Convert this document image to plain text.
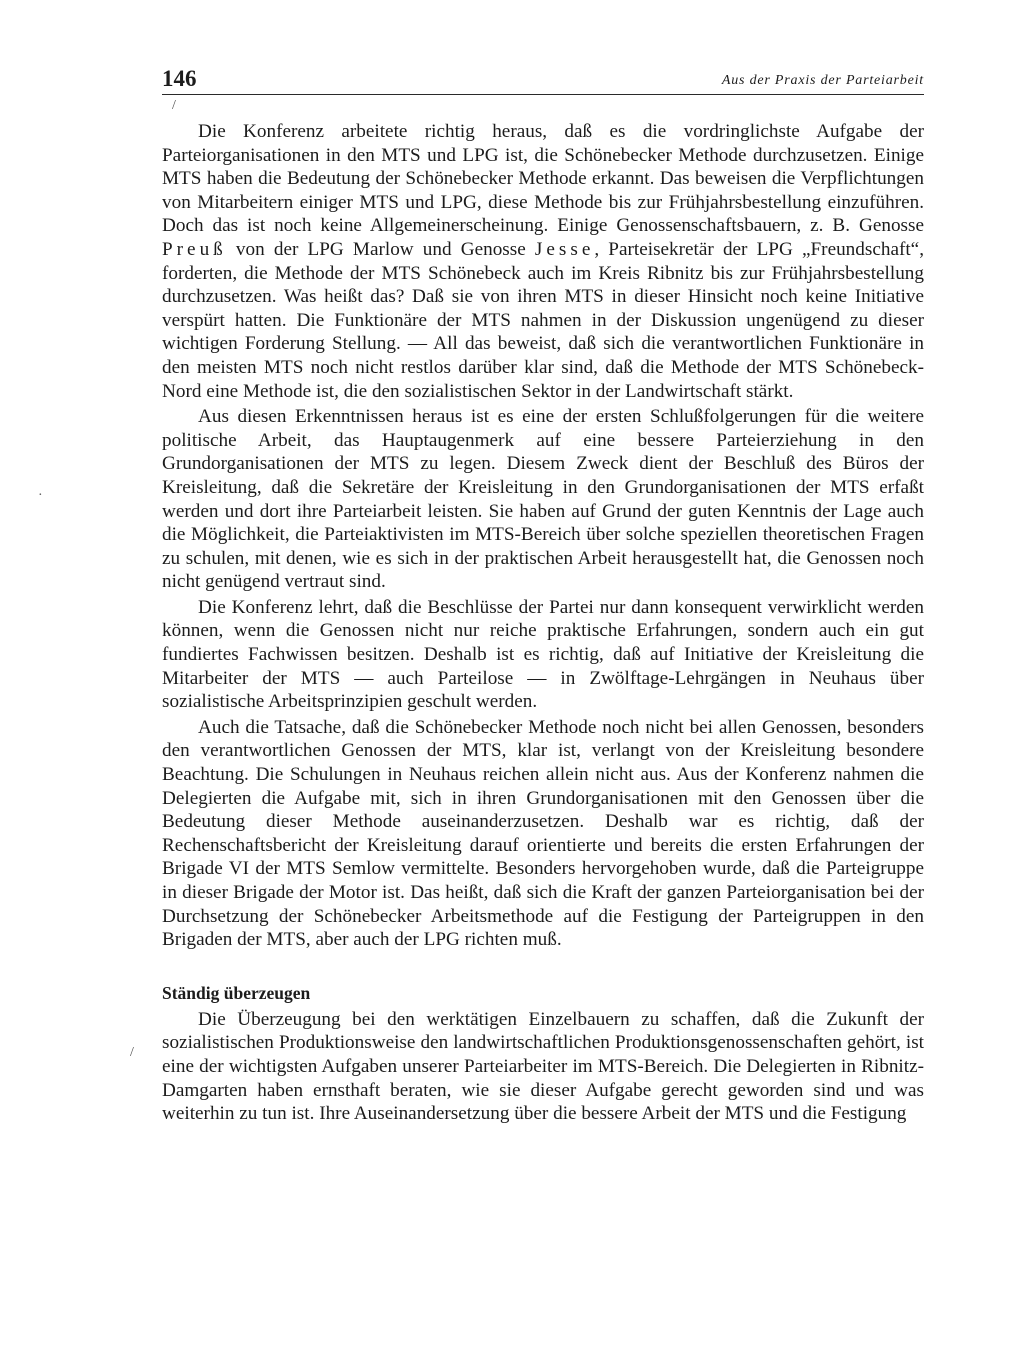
146	Aus der Praxis der Parteiarbeit

Die Konferenz arbeitete richtig heraus, daß es die vordringlichste Aufgabe der Parteiorganisationen in den MTS und LPG ist, die Schönebecker Methode durchzusetzen. Einige MTS haben die Bedeutung der Schönebecker Methode erkannt. Das beweisen die Verpflichtungen von Mitarbeitern einiger MTS und LPG, diese Methode bis zur Frühjahrsbestellung einzuführen. Doch das ist noch keine Allgemeinerscheinung. Einige Genossenschaftsbauern, z. B. Genosse Preuß von der LPG Marlow und Genosse Jesse, Parteisekretär der LPG „Freundschaft“, forderten, die Methode der MTS Schönebeck auch im Kreis Ribnitz bis zur Frühjahrsbestellung durchzusetzen. Was heißt das? Daß sie von ihren MTS in dieser Hinsicht noch keine Initiative verspürt hatten. Die Funktionäre der MTS nahmen in der Diskussion ungenügend zu dieser wichtigen Forderung Stellung. — All das beweist, daß sich die verantwortlichen Funktionäre in den meisten MTS noch nicht restlos darüber klar sind, daß die Methode der MTS Schönebeck-Nord eine Methode ist, die den sozialistischen Sektor in der Landwirtschaft stärkt.

Aus diesen Erkenntnissen heraus ist es eine der ersten Schlußfolgerungen für die weitere politische Arbeit, das Hauptaugenmerk auf eine bessere Parteierziehung in den Grundorganisationen der MTS zu legen. Diesem Zweck dient der Beschluß des Büros der Kreisleitung, daß die Sekretäre der Kreisleitung in den Grundorganisationen der MTS erfaßt werden und dort ihre Parteiarbeit leisten. Sie haben auf Grund der guten Kenntnis der Lage auch die Möglichkeit, die Parteiaktivisten im MTS-Bereich über solche speziellen theoretischen Fragen zu schulen, mit denen, wie es sich in der praktischen Arbeit herausgestellt hat, die Genossen noch nicht genügend vertraut sind.

Die Konferenz lehrt, daß die Beschlüsse der Partei nur dann konsequent verwirklicht werden können, wenn die Genossen nicht nur reiche praktische Erfahrungen, sondern auch ein gut fundiertes Fachwissen besitzen. Deshalb ist es richtig, daß auf Initiative der Kreisleitung die Mitarbeiter der MTS — auch Parteilose — in Zwölftage-Lehrgängen in Neuhaus über sozialistische Arbeitsprinzipien geschult werden.

Auch die Tatsache, daß die Schönebecker Methode noch nicht bei allen Genossen, besonders den verantwortlichen Genossen der MTS, klar ist, verlangt von der Kreisleitung besondere Beachtung. Die Schulungen in Neuhaus reichen allein nicht aus. Aus der Konferenz nahmen die Delegierten die Aufgabe mit, sich in ihren Grundorganisationen mit den Genossen über die Bedeutung dieser Methode auseinanderzusetzen. Deshalb war es richtig, daß der Rechenschaftsbericht der Kreisleitung darauf orientierte und bereits die ersten Erfahrungen der Brigade VI der MTS Semlow vermittelte. Besonders hervorgehoben wurde, daß die Parteigruppe in dieser Brigade der Motor ist. Das heißt, daß sich die Kraft der ganzen Parteiorganisation bei der Durchsetzung der Schönebecker Arbeitsmethode auf die Festigung der Parteigruppen in den Brigaden der MTS, aber auch der LPG richten muß.

Ständig überzeugen

Die Überzeugung bei den werktätigen Einzelbauern zu schaffen, daß die Zukunft der sozialistischen Produktionsweise den landwirtschaftlichen Produktionsgenossenschaften gehört, ist eine der wichtigsten Aufgaben unserer Parteiarbeiter im MTS-Bereich. Die Delegierten in Ribnitz-Damgarten haben ernsthaft beraten, wie sie dieser Aufgabe gerecht geworden sind und was weiterhin zu tun ist. Ihre Auseinandersetzung über die bessere Arbeit der MTS und die Festigung

/
/
·
